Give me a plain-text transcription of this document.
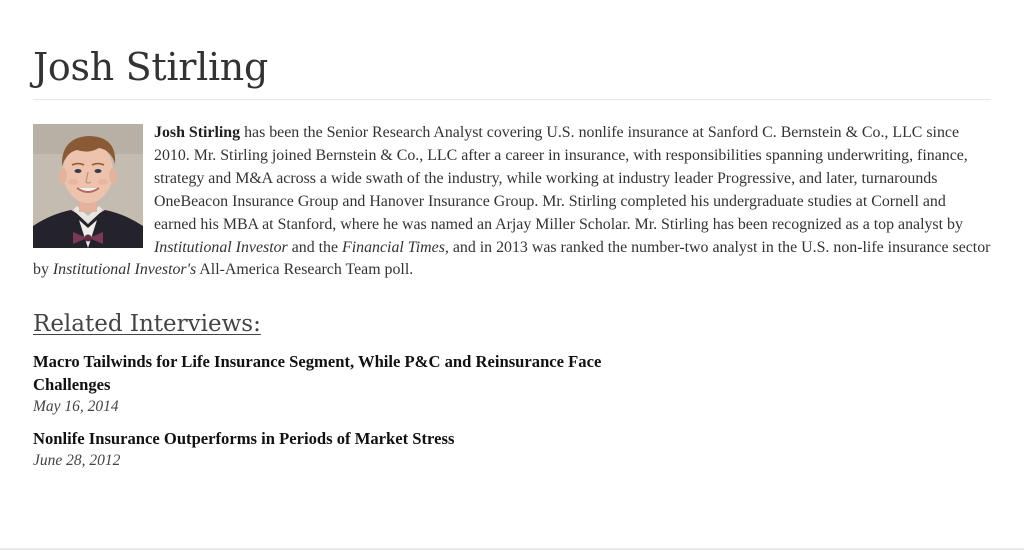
Josh Stirling
Josh Stirling has been the Senior Research Analyst covering U.S. nonlife insurance at Sanford C. Bernstein & Co., LLC since 2010. Mr. Stirling joined Bernstein & Co., LLC after a career in insurance, with responsibilities spanning underwriting, finance, strategy and M&A across a wide swath of the industry, while working at industry leader Progressive, and later, turnarounds OneBeacon Insurance Group and Hanover Insurance Group. Mr. Stirling completed his undergraduate studies at Cornell and earned his MBA at Stanford, where he was named an Arjay Miller Scholar. Mr. Stirling has been recognized as a top analyst by Institutional Investor and the Financial Times, and in 2013 was ranked the number-two analyst in the U.S. non-life insurance sector by Institutional Investor's All-America Research Team poll.
Related Interviews:
Macro Tailwinds for Life Insurance Segment, While P&C and Reinsurance Face Challenges
May 16, 2014
Nonlife Insurance Outperforms in Periods of Market Stress
June 28, 2012
